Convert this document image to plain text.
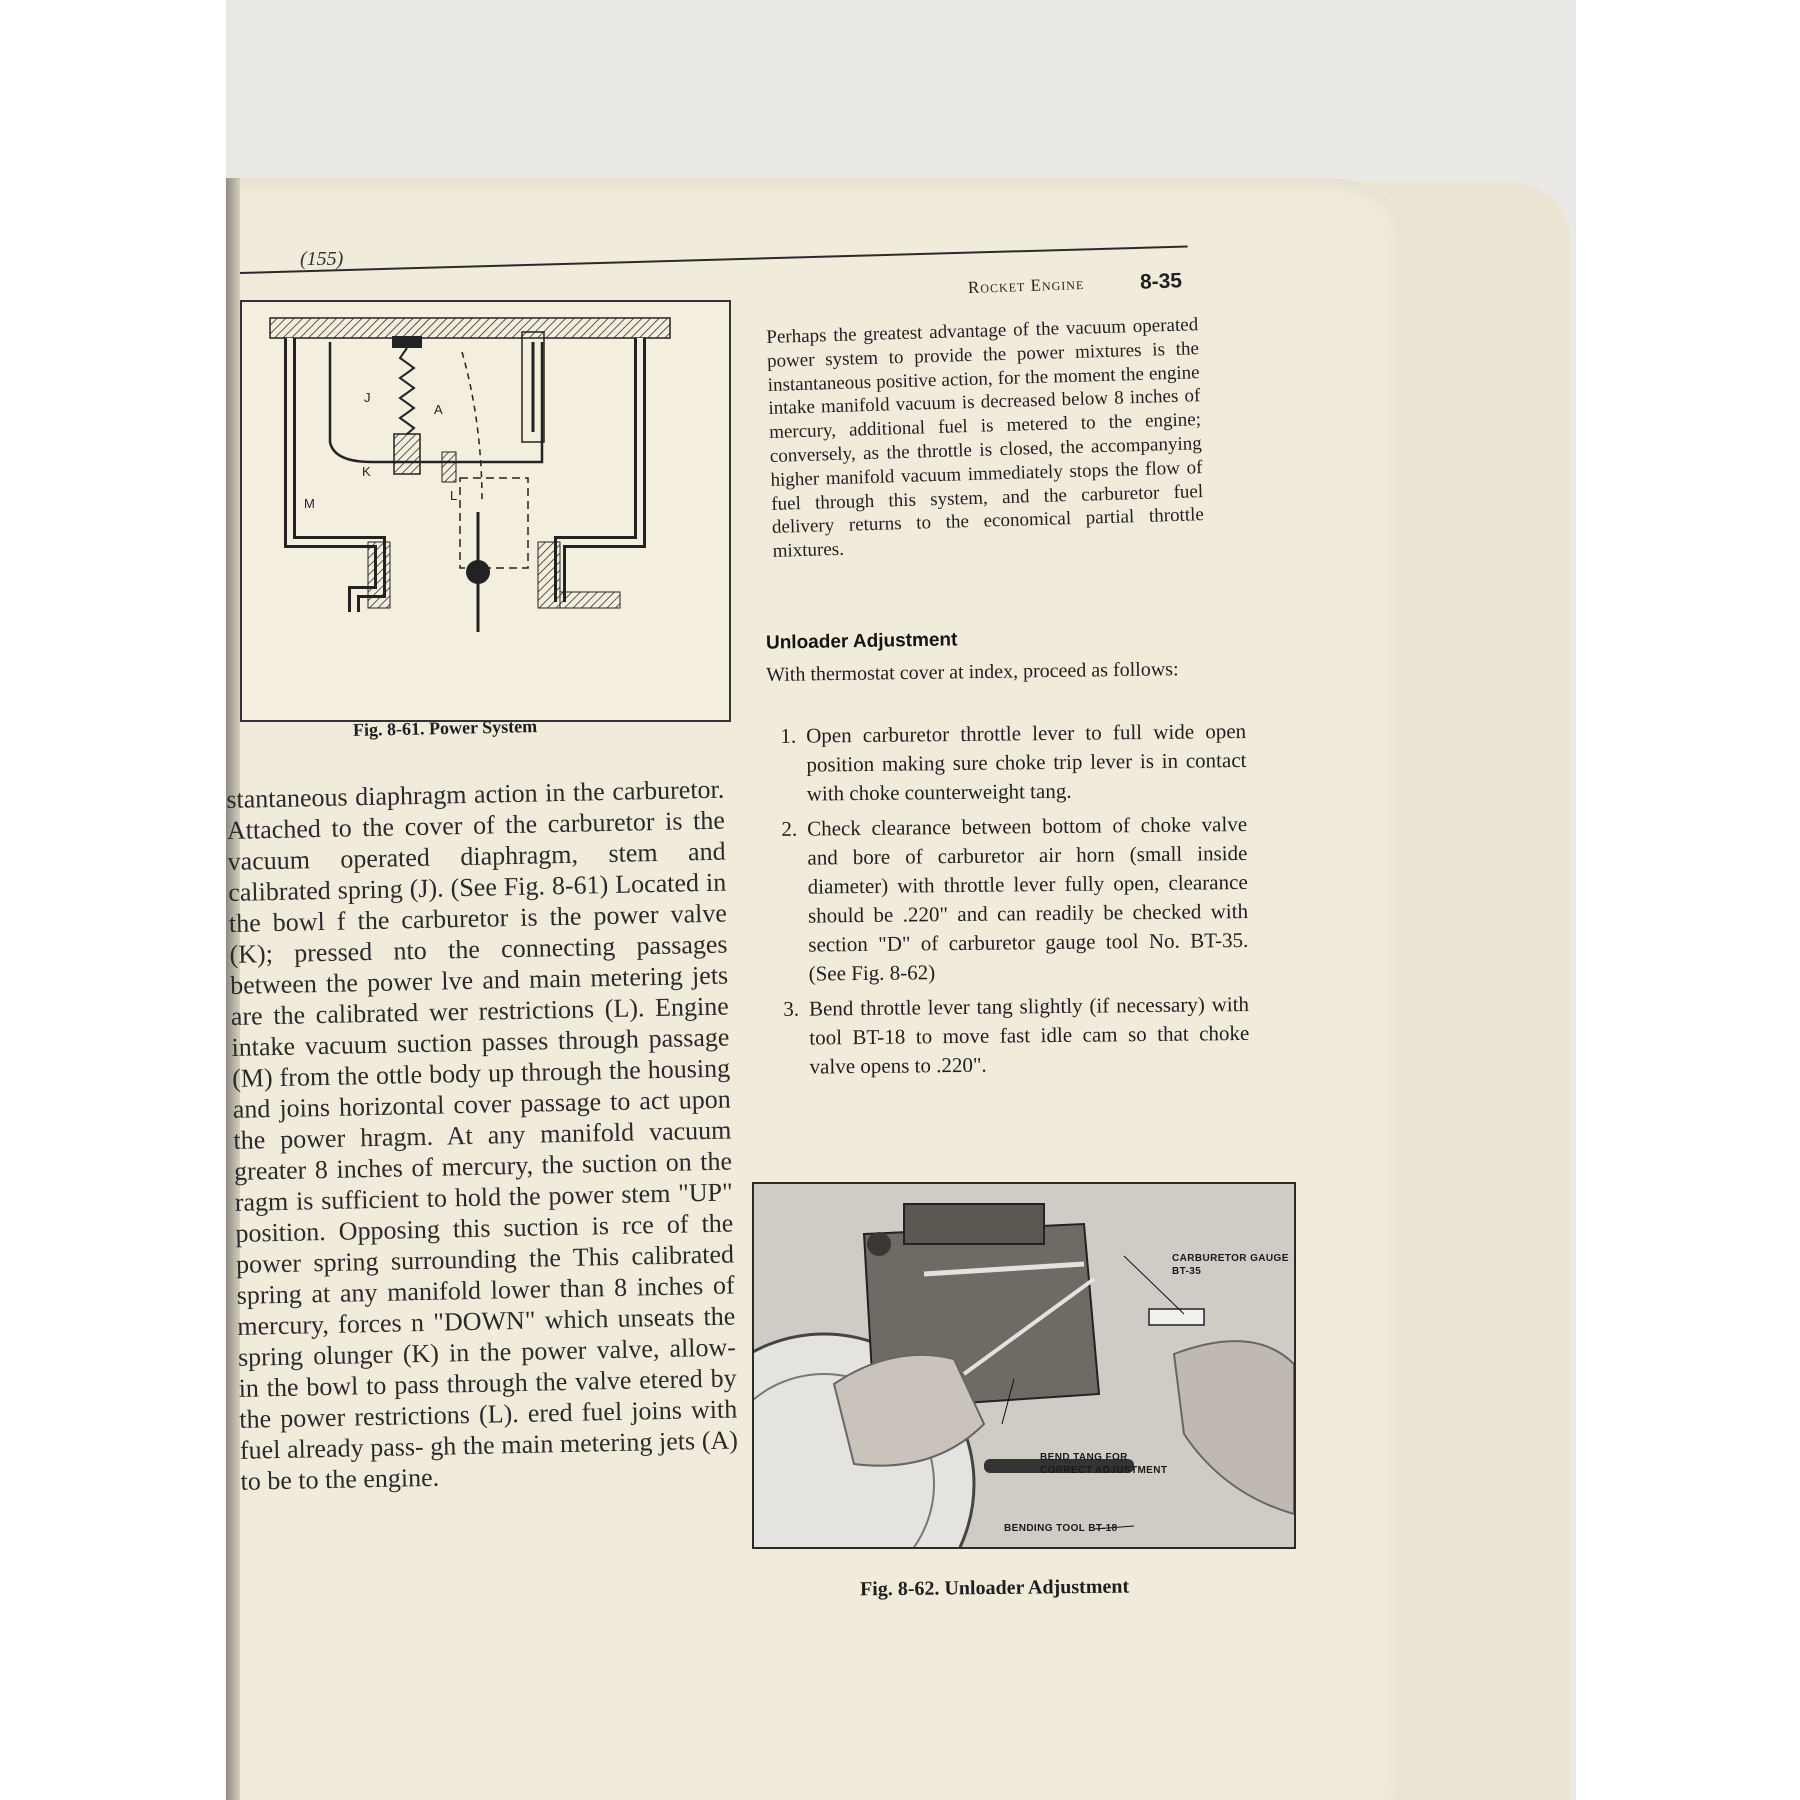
(155)
Rocket Engine	8-35
J
A
K
L
M
Fig. 8-61. Power System
stantaneous diaphragm action in the carburetor. Attached to the cover of the carburetor is the vacuum operated diaphragm, stem and calibrated spring (J). (See Fig. 8-61) Located in the bowl f the carburetor is the power valve (K); pressed nto the connecting passages between the power lve and main metering jets are the calibrated wer restrictions (L). Engine intake vacuum suction passes through passage (M) from the ottle body up through the housing and joins horizontal cover passage to act upon the power hragm. At any manifold vacuum greater 8 inches of mercury, the suction on the ragm is sufficient to hold the power stem "UP" position. Opposing this suction is rce of the power spring surrounding the This calibrated spring at any manifold lower than 8 inches of mercury, forces n "DOWN" which unseats the spring olunger (K) in the power valve, allow- in the bowl to pass through the valve etered by the power restrictions (L). ered fuel joins with fuel already pass- gh the main metering jets (A) to be to the engine.
Perhaps the greatest advantage of the vacuum operated power system to provide the power mixtures is the instantaneous positive action, for the moment the engine intake manifold vacuum is decreased below 8 inches of mercury, additional fuel is metered to the engine; conversely, as the throttle is closed, the accompanying higher manifold vacuum immediately stops the flow of fuel through this system, and the carburetor fuel delivery returns to the economical partial throttle mixtures.
Unloader Adjustment
With thermostat cover at index, proceed as follows:
1. Open carburetor throttle lever to full wide open position making sure choke trip lever is in contact with choke counterweight tang.
2. Check clearance between bottom of choke valve and bore of carburetor air horn (small inside diameter) with throttle lever fully open, clearance should be .220" and can readily be checked with section "D" of carburetor gauge tool No. BT-35. (See Fig. 8-62)
3. Bend throttle lever tang slightly (if necessary) with tool BT-18 to move fast idle cam so that choke valve opens to .220".
CARBURETOR GAUGE BT-35
BEND TANG FOR CORRECT ADJUSTMENT
BENDING TOOL BT-18
Fig. 8-62. Unloader Adjustment
